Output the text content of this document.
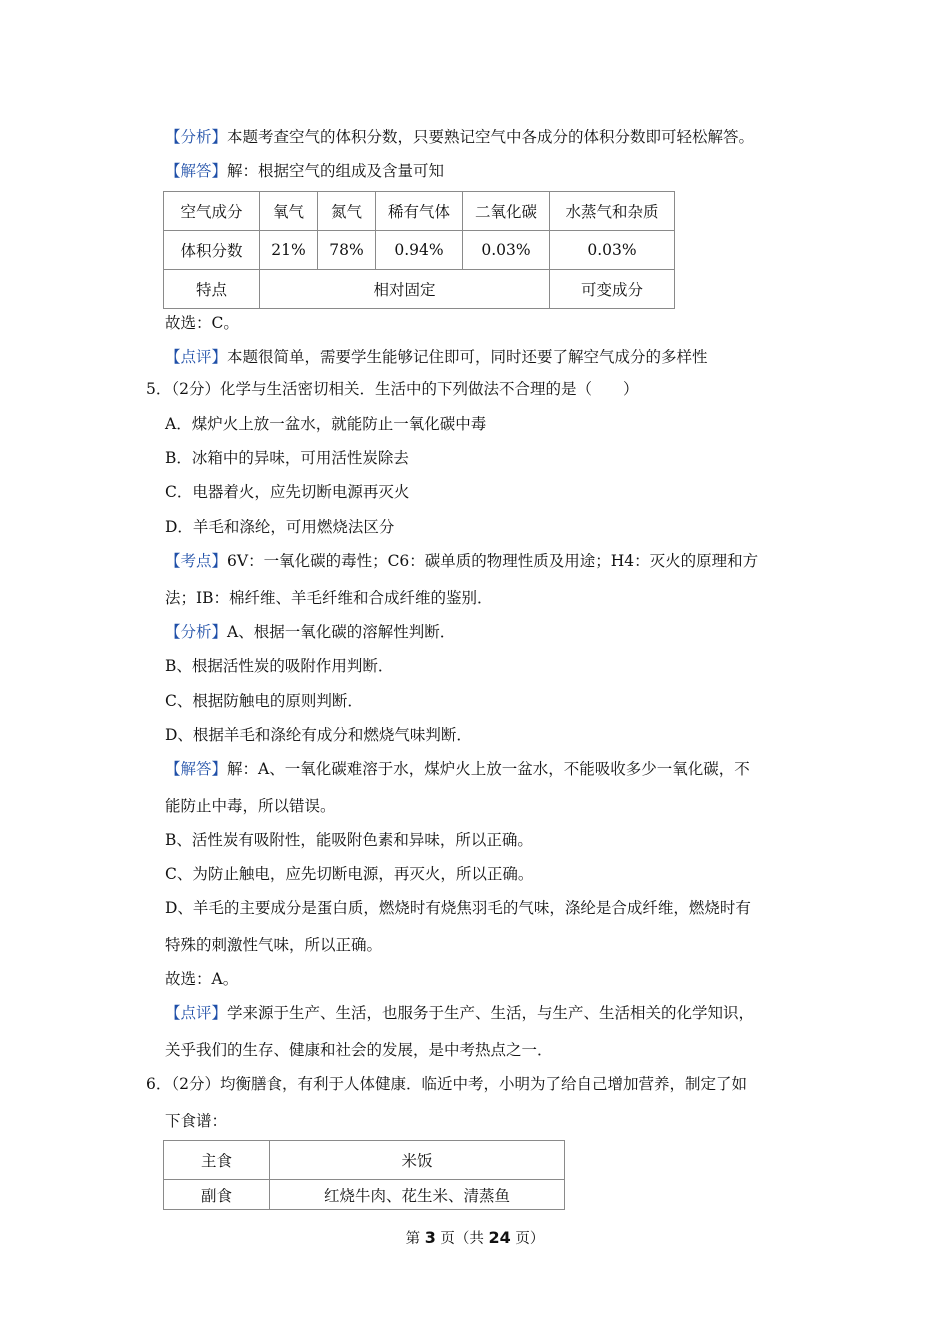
【分析】本题考查空气的体积分数，只要熟记空气中各成分的体积分数即可轻松解答。
【解答】解：根据空气的组成及含量可知
空气成分	氧气	氮气	稀有气体	二氧化碳	水蒸气和杂质
体积分数	21%	78%	0.94%	0.03%	0.03%
特点	相对固定				可变成分
故选：C。
【点评】本题很简单，需要学生能够记住即可，同时还要了解空气成分的多样性
5．（2分）化学与生活密切相关．生活中的下列做法不合理的是（　　）
A．煤炉火上放一盆水，就能防止一氧化碳中毒
B．冰箱中的异味，可用活性炭除去
C．电器着火，应先切断电源再灭火
D．羊毛和涤纶，可用燃烧法区分
【考点】6V：一氧化碳的毒性；C6：碳单质的物理性质及用途；H4：灭火的原理和方
法；IB：棉纤维、羊毛纤维和合成纤维的鉴别．
【分析】A、根据一氧化碳的溶解性判断．
B、根据活性炭的吸附作用判断．
C、根据防触电的原则判断．
D、根据羊毛和涤纶有成分和燃烧气味判断．
【解答】解：A、一氧化碳难溶于水，煤炉火上放一盆水，不能吸收多少一氧化碳，不
能防止中毒，所以错误。
B、活性炭有吸附性，能吸附色素和异味，所以正确。
C、为防止触电，应先切断电源，再灭火，所以正确。
D、羊毛的主要成分是蛋白质，燃烧时有烧焦羽毛的气味，涤纶是合成纤维，燃烧时有
特殊的刺激性气味，所以正确。
故选：A。
【点评】学来源于生产、生活，也服务于生产、生活，与生产、生活相关的化学知识，
关乎我们的生存、健康和社会的发展，是中考热点之一．
6．（2分）均衡膳食，有利于人体健康．临近中考，小明为了给自己增加营养，制定了如
下食谱：
主食	米饭
副食	红烧牛肉、花生米、清蒸鱼
第 3 页（共 24 页）
